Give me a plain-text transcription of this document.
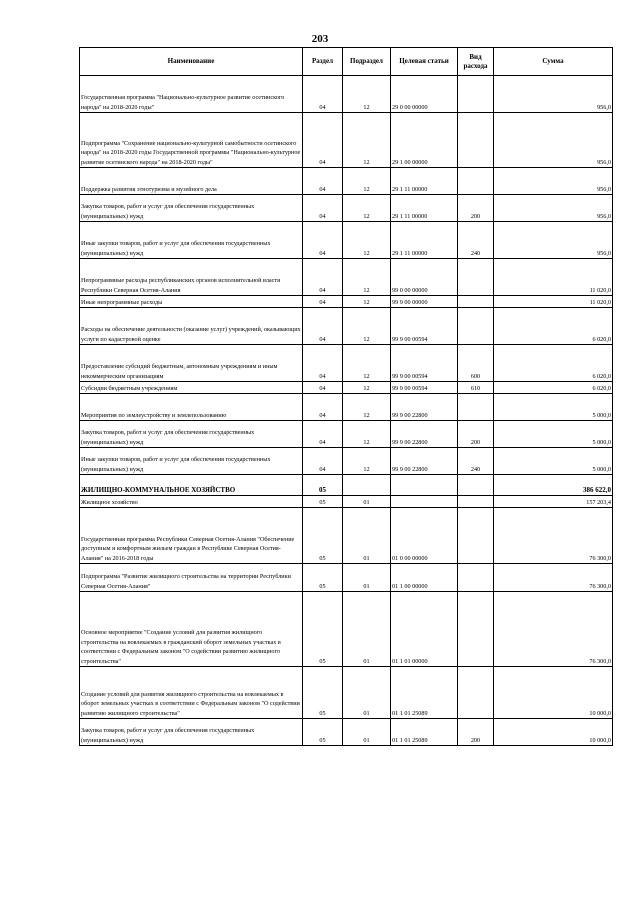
203
Наименование	Раздел	Подраздел	Целевая статьи	Вид расхода	Сумма
Государственная программа "Национально-культурное развитие осетинского народа" на 2018-2020 годы"	04	12	29 0 00 00000		956,0
Подпрограмма "Сохранение национально-культурной самобытности осетинского народа" на 2018-2020 годы Государственной программы "Национально-культурное развитие осетинского народа" на 2018-2020 годы"	04	12	29 1 00 00000		956,0
Поддержка развития этнотуризма и музейного дела	04	12	29 1 11 00000		956,0
Закупка товаров, работ и услуг для обеспечения государственных (муниципальных) нужд	04	12	29 1 11 00000	200	956,0
Иные закупки товаров, работ и услуг для обеспечения государственных (муниципальных) нужд	04	12	29 1 11 00000	240	956,0
Непрограммные расходы республиканских органов исполнительной власти Республики Северная Осетия-Алания	04	12	99 0 00 00000		11 020,0
Иные непрограммные расходы	04	12	99 9 00 00000		11 020,0
Расходы на обеспечение деятельности (оказание услуг) учреждений, оказывающих услуги по кадастровой оценке	04	12	99 9 00 00594		6 020,0
Предоставление субсидий бюджетным, автономным учреждениям и иным некоммерческим организациям	04	12	99 9 00 00594	600	6 020,0
Субсидии бюджетным учреждениям	04	12	99 9 00 00594	610	6 020,0
Мероприятия по землеустройству и землепользованию	04	12	99 9 00 22800		5 000,0
Закупка товаров, работ и услуг для обеспечения государственных (муниципальных) нужд	04	12	99 9 00 22800	200	5 000,0
Иные закупки товаров, работ и услуг для обеспечения государственных (муниципальных) нужд	04	12	99 9 00 22800	240	5 000,0
ЖИЛИЩНО-КОММУНАЛЬНОЕ ХОЗЯЙСТВО	05				386 622,0
Жилищное хозяйство	05	01			157 203,4
Государственная программа Республики Северная Осетия-Алания "Обеспечение доступным и комфортным жильем граждан в Республике Северная Осетия-Алания" на 2016-2018 годы	05	01	01 0 00 00000		76 300,0
Подпрограмма "Развитие жилищного строительства на территории Республики Северная Осетия-Алания"	05	01	01 1 00 00000		76 300,0
Основное мероприятие "Создание условий для развития жилищного строительства на вовлекаемых в гражданский оборот земельных участках в соответствии с Федеральным законом "О содействии развитию жилищного строительства"	05	01	01 1 01 00000		76 300,0
Создание условий для развития жилищного строительства на вовлекаемых в оборот земельных участках в соответствии с Федеральным законом "О содействии развитию жилищного строительства"	05	01	01 1 01 25089		10 000,0
Закупка товаров, работ и услуг для обеспечения государственных (муниципальных) нужд	05	01	01 1 01 25089	200	10 000,0
